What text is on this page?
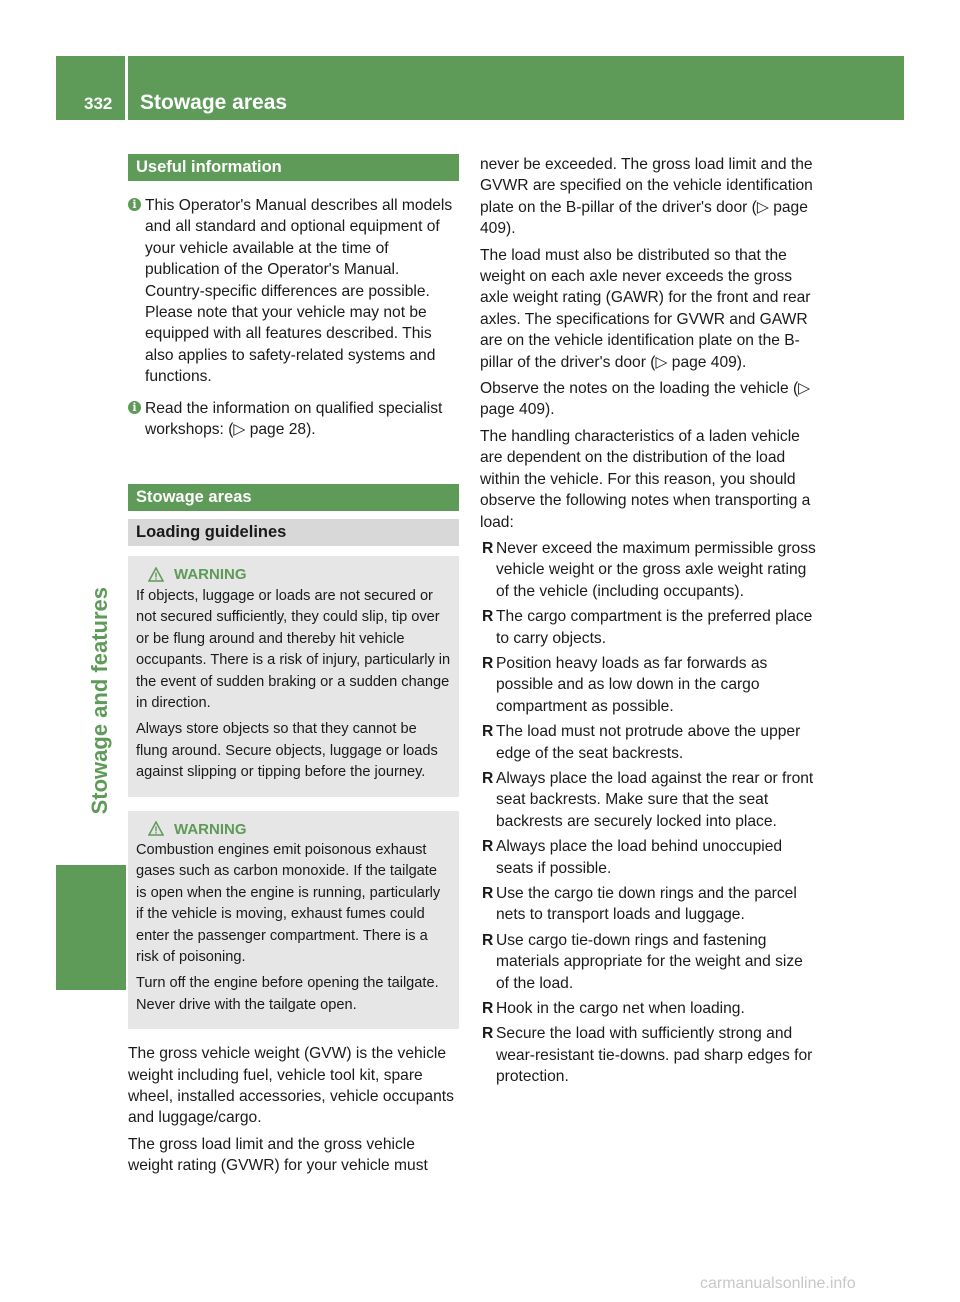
332 Stowage areas
Stowage and features
Useful information
i This Operator's Manual describes all models and all standard and optional equipment of your vehicle available at the time of publication of the Operator's Manual. Country-specific differences are possible. Please note that your vehicle may not be equipped with all features described. This also applies to safety-related systems and functions.
i Read the information on qualified specialist workshops: (▷ page 28).
Stowage areas
Loading guidelines
WARNING

If objects, luggage or loads are not secured or not secured sufficiently, they could slip, tip over or be flung around and thereby hit vehicle occupants. There is a risk of injury, particularly in the event of sudden braking or a sudden change in direction.

Always store objects so that they cannot be flung around. Secure objects, luggage or loads against slipping or tipping before the journey.

WARNING

Combustion engines emit poisonous exhaust gases such as carbon monoxide. If the tailgate is open when the engine is running, particularly if the vehicle is moving, exhaust fumes could enter the passenger compartment. There is a risk of poisoning.

Turn off the engine before opening the tailgate. Never drive with the tailgate open.

The gross vehicle weight (GVW) is the vehicle weight including fuel, vehicle tool kit, spare wheel, installed accessories, vehicle occupants and luggage/cargo.

The gross load limit and the gross vehicle weight rating (GVWR) for your vehicle must

never be exceeded. The gross load limit and the GVWR are specified on the vehicle identification plate on the B-pillar of the driver's door (▷ page 409).

The load must also be distributed so that the weight on each axle never exceeds the gross axle weight rating (GAWR) for the front and rear axles. The specifications for GVWR and GAWR are on the vehicle identification plate on the B-pillar of the driver's door (▷ page 409).

Observe the notes on the loading the vehicle (▷ page 409).

The handling characteristics of a laden vehicle are dependent on the distribution of the load within the vehicle. For this reason, you should observe the following notes when transporting a load:

R Never exceed the maximum permissible gross vehicle weight or the gross axle weight rating of the vehicle (including occupants).
R The cargo compartment is the preferred place to carry objects.
R Position heavy loads as far forwards as possible and as low down in the cargo compartment as possible.
R The load must not protrude above the upper edge of the seat backrests.
R Always place the load against the rear or front seat backrests. Make sure that the seat backrests are securely locked into place.
R Always place the load behind unoccupied seats if possible.
R Use the cargo tie down rings and the parcel nets to transport loads and luggage.
R Use cargo tie-down rings and fastening materials appropriate for the weight and size of the load.
R Hook in the cargo net when loading.
R Secure the load with sufficiently strong and wear-resistant tie-downs. pad sharp edges for protection.
carmanualsonline.info
